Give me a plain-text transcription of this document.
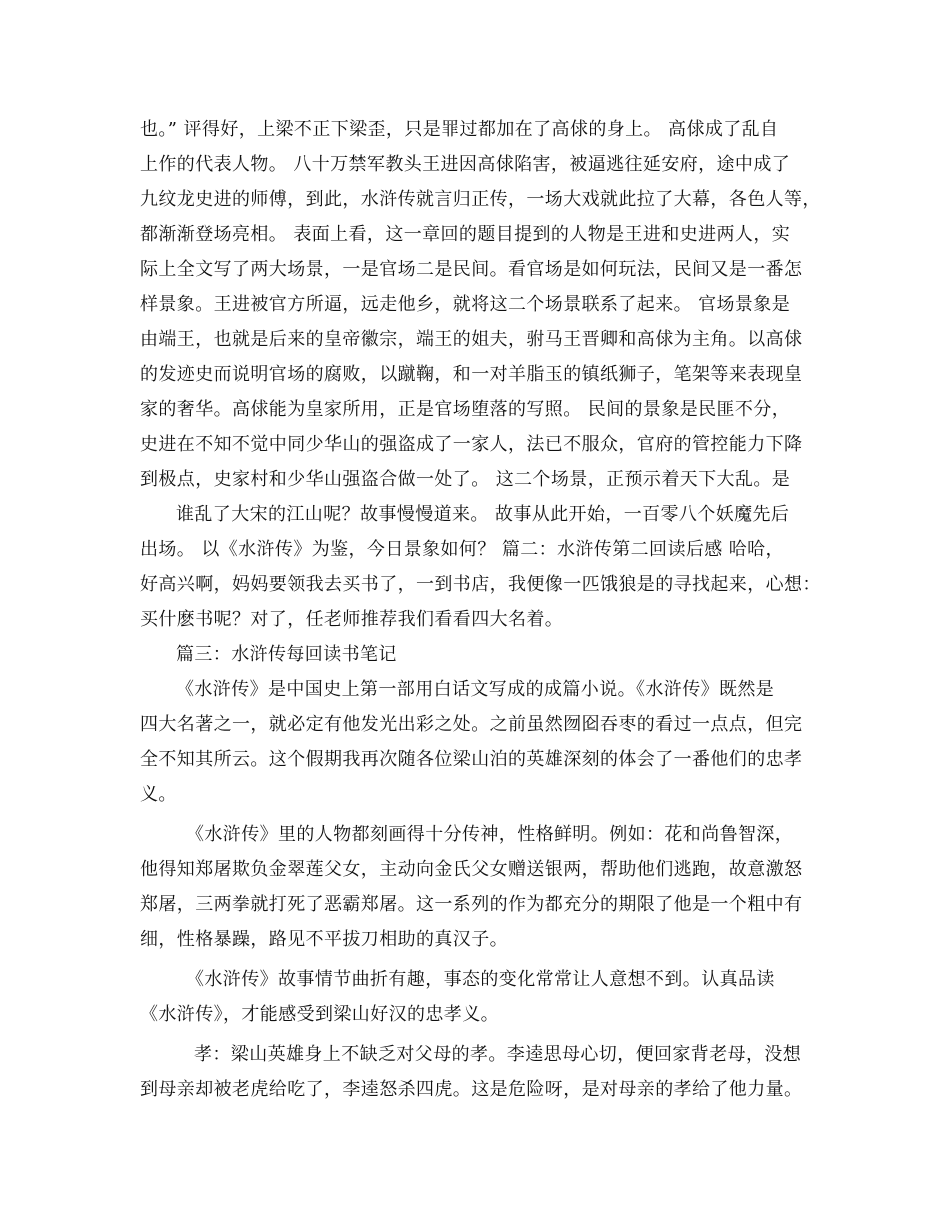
也。” 评得好，上梁不正下梁歪，只是罪过都加在了高俅的身上。 高俅成了乱自
上作的代表人物。 八十万禁军教头王进因高俅陷害，被逼逃往延安府，途中成了
九纹龙史进的师傅，到此，水浒传就言归正传，一场大戏就此拉了大幕，各色人等，
都渐渐登场亮相。 表面上看，这一章回的题目提到的人物是王进和史进两人，实
际上全文写了两大场景，一是官场二是民间。看官场是如何玩法，民间又是一番怎
样景象。王进被官方所逼，远走他乡，就将这二个场景联系了起来。 官场景象是
由端王，也就是后来的皇帝徽宗，端王的姐夫，驸马王晋卿和高俅为主角。以高俅
的发迹史而说明官场的腐败，以蹴鞠，和一对羊脂玉的镇纸狮子，笔架等来表现皇
家的奢华。高俅能为皇家所用，正是官场堕落的写照。 民间的景象是民匪不分，
史进在不知不觉中同少华山的强盗成了一家人，法已不服众，官府的管控能力下降
到极点，史家村和少华山强盗合做一处了。 这二个场景，正预示着天下大乱。是
谁乱了大宋的江山呢？故事慢慢道来。 故事从此开始，一百零八个妖魔先后
出场。 以《水浒传》为鉴，今日景象如何？ 篇二：水浒传第二回读后感 哈哈，
好高兴啊，妈妈要领我去买书了，一到书店，我便像一匹饿狼是的寻找起来，心想：
买什麽书呢？对了，任老师推荐我们看看四大名着。
篇三：水浒传每回读书笔记
《水浒传》是中国史上第一部用白话文写成的成篇小说。《水浒传》既然是
四大名著之一，就必定有他发光出彩之处。之前虽然囫囵吞枣的看过一点点，但完
全不知其所云。这个假期我再次随各位梁山泊的英雄深刻的体会了一番他们的忠孝
义。
《水浒传》里的人物都刻画得十分传神，性格鲜明。例如：花和尚鲁智深，
他得知郑屠欺负金翠莲父女，主动向金氏父女赠送银两，帮助他们逃跑，故意激怒
郑屠，三两拳就打死了恶霸郑屠。这一系列的作为都充分的期限了他是一个粗中有
细，性格暴躁，路见不平拔刀相助的真汉子。
《水浒传》故事情节曲折有趣，事态的变化常常让人意想不到。认真品读
《水浒传》，才能感受到梁山好汉的忠孝义。
孝：梁山英雄身上不缺乏对父母的孝。李逵思母心切，便回家背老母，没想
到母亲却被老虎给吃了，李逵怒杀四虎。这是危险呀，是对母亲的孝给了他力量。
